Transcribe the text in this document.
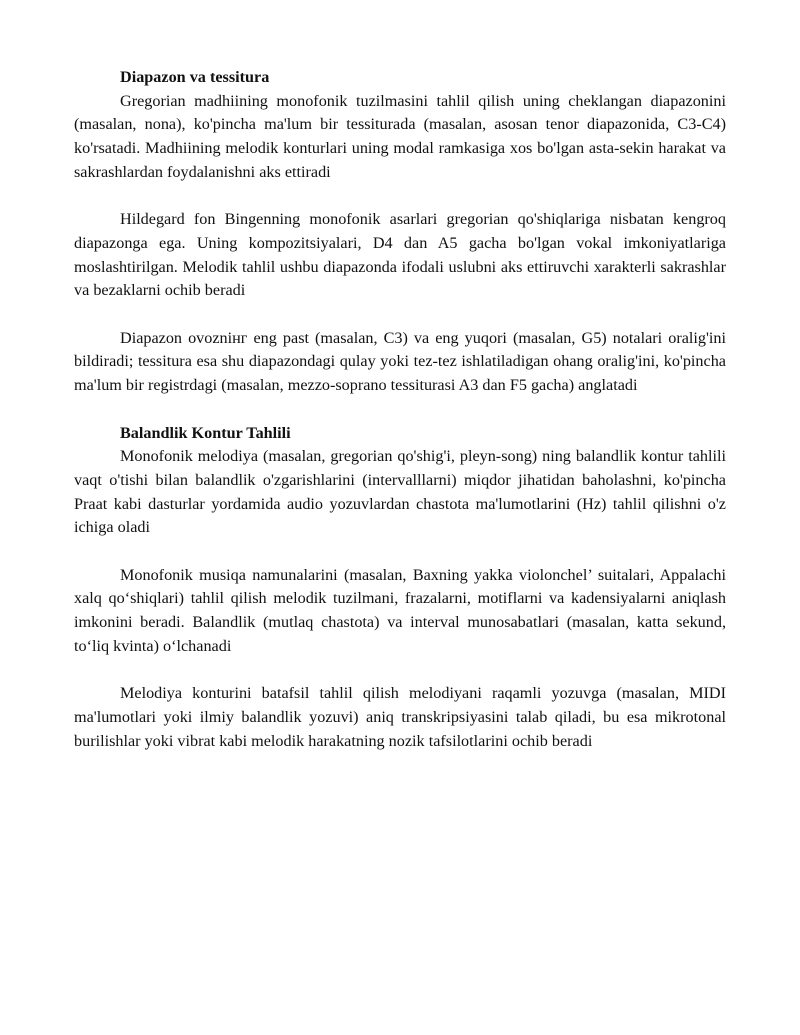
Diapazon va tessitura

Gregorian madhiining monofonik tuzilmasini tahlil qilish uning cheklangan diapazonini (masalan, nona), ko'pincha ma'lum bir tessiturada (masalan, asosan tenor diapazonida, C3-C4) ko'rsatadi. Madhiining melodik konturlari uning modal ramkasiga xos bo'lgan asta-sekin harakat va sakrashlardan foydalanishni aks ettiradi

Hildegard fon Bingenning monofonik asarlari gregorian qo'shiqlariga nisbatan kengroq diapazonga ega. Uning kompozitsiyalari, D4 dan A5 gacha bo'lgan vokal imkoniyatlariga moslashtirilgan. Melodik tahlil ushbu diapazonda ifodali uslubni aks ettiruvchi xarakterli sakrashlar va bezaklarni ochib beradi

Diapazon ovozniнг eng past (masalan, C3) va eng yuqori (masalan, G5) notalari oralig'ini bildiradi; tessitura esa shu diapazondagi qulay yoki tez-tez ishlatiladigan ohang oralig'ini, ko'pincha ma'lum bir registrdagi (masalan, mezzo-soprano tessiturasi A3 dan F5 gacha) anglatadi

Balandlik Kontur Tahlili

Monofonik melodiya (masalan, gregorian qo'shig'i, pleyn-song) ning balandlik kontur tahlili vaqt o'tishi bilan balandlik o'zgarishlarini (intervalllarni) miqdor jihatidan baholashni, ko'pincha Praat kabi dasturlar yordamida audio yozuvlardan chastota ma'lumotlarini (Hz) tahlil qilishni o'z ichiga oladi

Monofonik musiqa namunalarini (masalan, Baxning yakka violonchel’ suitalari, Appalachi xalq qo‘shiqlari) tahlil qilish melodik tuzilmani, frazalarni, motiflarni va kadensiyalarni aniqlash imkonini beradi. Balandlik (mutlaq chastota) va interval munosabatlari (masalan, katta sekund, to‘liq kvinta) o‘lchanadi

Melodiya konturini batafsil tahlil qilish melodiyani raqamli yozuvga (masalan, MIDI ma'lumotlari yoki ilmiy balandlik yozuvi) aniq transkripsiyasini talab qiladi, bu esa mikrotonal burilishlar yoki vibrat kabi melodik harakatning nozik tafsilotlarini ochib beradi
